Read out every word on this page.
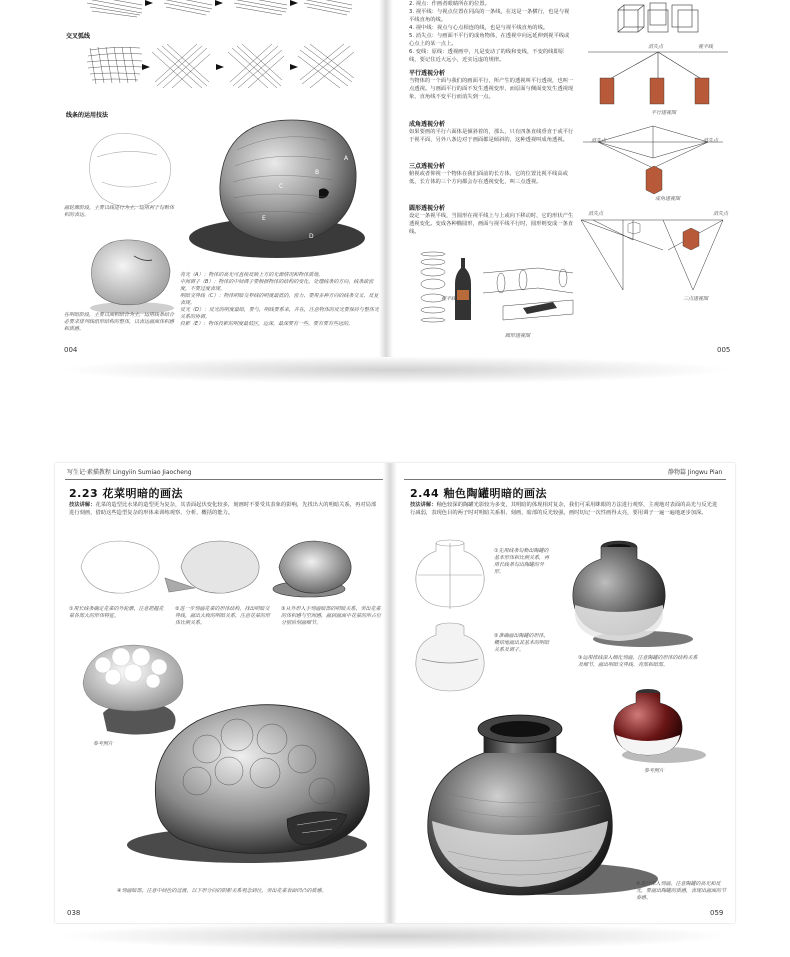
交叉弧线
线条的运用技法
画轮廓阶段，主要以线进行为主，运用利于勾勒体积的表达。
在明暗阶段，主要以面积结合为主，运用线条结合必要求排列线组形结构的整体，以表达画面体积感和质感。
A
B
C
D
E
亮光（A）：物体的高光可直接反映上方的光源情况和物体质地。
中间调子（B）：物体的中间调子要根据物体的结构的变化，处理线条的方向、线条疏密度，不要过度表现。
明暗交界线（C）：物体明暗交界线的明度最低的，密力、要用多种方向的线条交叉、反复表现。
反光（D）：反光的明度最暗，要与，明线要系来，并在，注意物体的反光要保持与整体光关系的协调。
投影（E）：物体投影的明度最低区，近深，最深要有一些。要有要有些远的。
004
2. 视点：作画者眼睛所在的位置。
3. 视平线：与视点位置在同高的一条线，在这是一条横行，也是与视平线直角的线。
4. 视中线：视点与心点相连的线，也是与视平线直角的线。
5. 消失点：与画面不平行的成角物体，在透视中向远延伸到视平线或心点上的某一点上。
6. 变线：原线：透视画中，凡是变动了的线和变线，不变的线即原线，要记住近大远小，近实远虚的规律。
平行透视分析
当物体的一个面与我们的画面平行，所产生的透视叫平行透视，也叫一点透视。与画面平行的面不发生透视变形，而原面与侧面变发生透视现象，直角线不变平行而消失到一点。
成角透视分析
如果要画的平行六面体是倾斜着的，那么，只有四条直线垂直于或平行于视平面，另外八条边对于画面都是倾斜的，这种透视叫成角透视。
三点透视分析
俯视或者仰视一个物体在我们面前的长方体，它的位置比视平线高或低，长方体的三个方向都会存在透视变化，叫三点透视。
圆形透视分析
设定一条视平线，当圆形在视平线上与上或向下移动时，它的形状产生透视变化。变成各种椭圆形，画面与视平线平行时，圆形则变成一条直线。
消失点	视平线
平行透视图
消失点	消失点
成角透视图
消失点	消失点
三点透视图
视平线
圆形透视图
005
写生记·素描教程 Lingyiin Sumiao Jiaocheng
2.23 花菜明暗的画法
技法讲解：花菜的造型比水果的造型更为复杂，其表面起伏变化较多，刻画时不要受其表象的影响，先找出大的明暗关系，再对局部进行刻画，借助这些造型复杂的形体来训练观察、分析、概括的能力。
①用长线条确定花菜的外轮廓，注意把握花菜各部大的形体特征。
②进一步刻画花菜的形体结构，找出明暗交界线，画出大致的明暗关系，注意花菜的形体比例关系。
③从外形入手刻画暗部的明暗关系，突出花菜的体积感与空间感，画到画面中花菜的所占位分别后刻画细节。
参考照片
④刻画暗部，注意中间色的过渡，以下形分向的阴影关系观念到位，突出花菜表面凹凸的质感。
038
静物篇 Jingwu Pian
2.44 釉色陶罐明暗的画法
技法讲解：釉色较深的陶罐光影较为多变，其明暗的体现相对复杂，我们可采用眯眼的方法进行观察，主观地对表面的高光与反光进行减弱，表现色目的两子时对明暗关系相、刻画，暗部的反光较强，画时切记一次性画得太亮，要用调子一遍一遍地逐步加深。
①先用线条勾勒出陶罐的基本形体和比例关系，再用长线条勾出陶罐的外形。
②准确画出陶罐的形体，概括地画出其基本的明暗关系及调子。
③运用排线深入细化刻画，注意陶罐的形体的结构关系及细节，画出明暗交界线、亮部和暗部。
参考照片
④进行深入刻画，注意陶罐的高光和反光，要画出陶罐的质感，表现出画面的节奏感。
059
